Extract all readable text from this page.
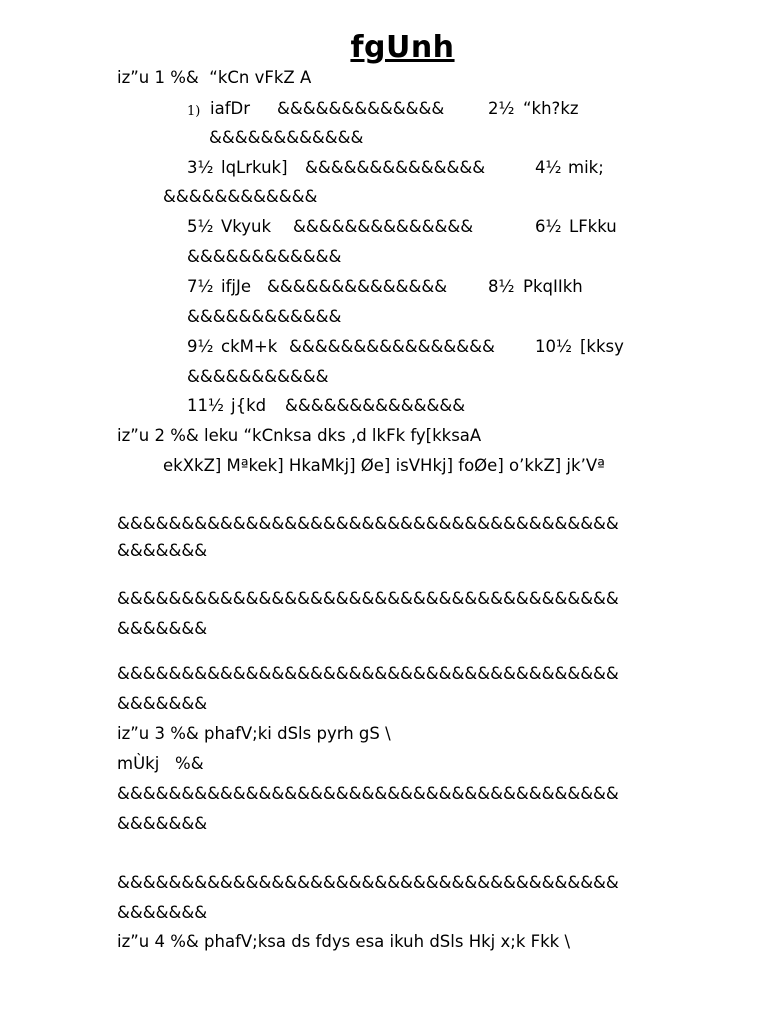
fgUnh
iz”u 1 %&  “kCn vFkZ A
1) iafDr &&&&&&&&&&&&&	2½ “kh?kz
&&&&&&&&&&&&
3½ lqLrkuk] &&&&&&&&&&&&&&	4½ mik;
&&&&&&&&&&&&
5½ Vkyuk &&&&&&&&&&&&&&	6½ LFkku
&&&&&&&&&&&&
7½ ifjJe &&&&&&&&&&&&&& 8½ PkqIIkh
&&&&&&&&&&&&
9½ ckM+k &&&&&&&&&&&&&&&& 10½ [kksy
&&&&&&&&&&&
11½ j{kd &&&&&&&&&&&&&&
iz”u 2 %& leku “kCnksa dks ,d lkFk fy[kksaA
ekXkZ] Mªkek] HkaMkj] Øe] isVHkj] foØe] o’kkZ] jk’Vª
&&&&&&&&&&&&&&&&&&&&&&&&&&&&&&&&&&&&&&&
&&&&&&&
&&&&&&&&&&&&&&&&&&&&&&&&&&&&&&&&&&&&&&&
&&&&&&&
&&&&&&&&&&&&&&&&&&&&&&&&&&&&&&&&&&&&&&&
&&&&&&&
iz”u 3 %& phafV;ki dSls pyrh gS \
mÙkj   %&
&&&&&&&&&&&&&&&&&&&&&&&&&&&&&&&&&&&&&&&
&&&&&&&
&&&&&&&&&&&&&&&&&&&&&&&&&&&&&&&&&&&&&&&
&&&&&&&
iz”u 4 %& phafV;ksa ds fdys esa ikuh dSls Hkj x;k Fkk \
